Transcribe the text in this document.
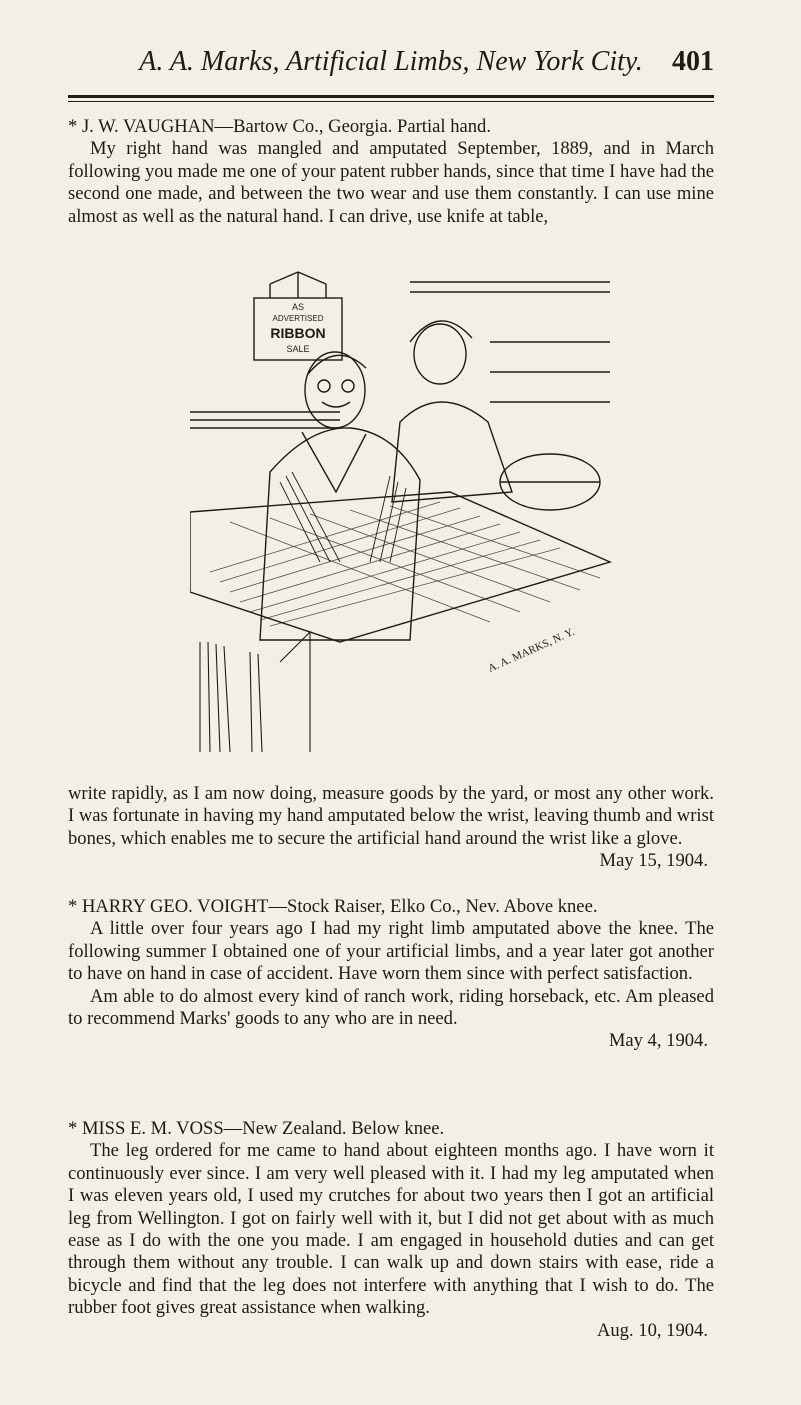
A. A. Marks, Artificial Limbs, New York City.	401

* J. W. VAUGHAN—Bartow Co., Georgia. Partial hand.

My right hand was mangled and amputated September, 1889, and in March following you made me one of your patent rubber hands, since that time I have had the second one made, and between the two wear and use them constantly. I can use mine almost as well as the natural hand. I can drive, use knife at table,

AS
ADVERTISED
RIBBON
SALE
A. A. MARKS, N. Y.

write rapidly, as I am now doing, measure goods by the yard, or most any other work. I was fortunate in having my hand amputated below the wrist, leaving thumb and wrist bones, which enables me to secure the artificial hand around the wrist like a glove.

May 15, 1904.

* HARRY GEO. VOIGHT—Stock Raiser, Elko Co., Nev. Above knee.

A little over four years ago I had my right limb amputated above the knee. The following summer I obtained one of your artificial limbs, and a year later got another to have on hand in case of accident. Have worn them since with perfect satisfaction.

Am able to do almost every kind of ranch work, riding horseback, etc. Am pleased to recommend Marks' goods to any who are in need.

May 4, 1904.

* MISS E. M. VOSS—New Zealand. Below knee.

The leg ordered for me came to hand about eighteen months ago. I have worn it continuously ever since. I am very well pleased with it. I had my leg amputated when I was eleven years old, I used my crutches for about two years then I got an artificial leg from Wellington. I got on fairly well with it, but I did not get about with as much ease as I do with the one you made. I am engaged in household duties and can get through them without any trouble. I can walk up and down stairs with ease, ride a bicycle and find that the leg does not interfere with anything that I wish to do. The rubber foot gives great assistance when walking.

Aug. 10, 1904.
